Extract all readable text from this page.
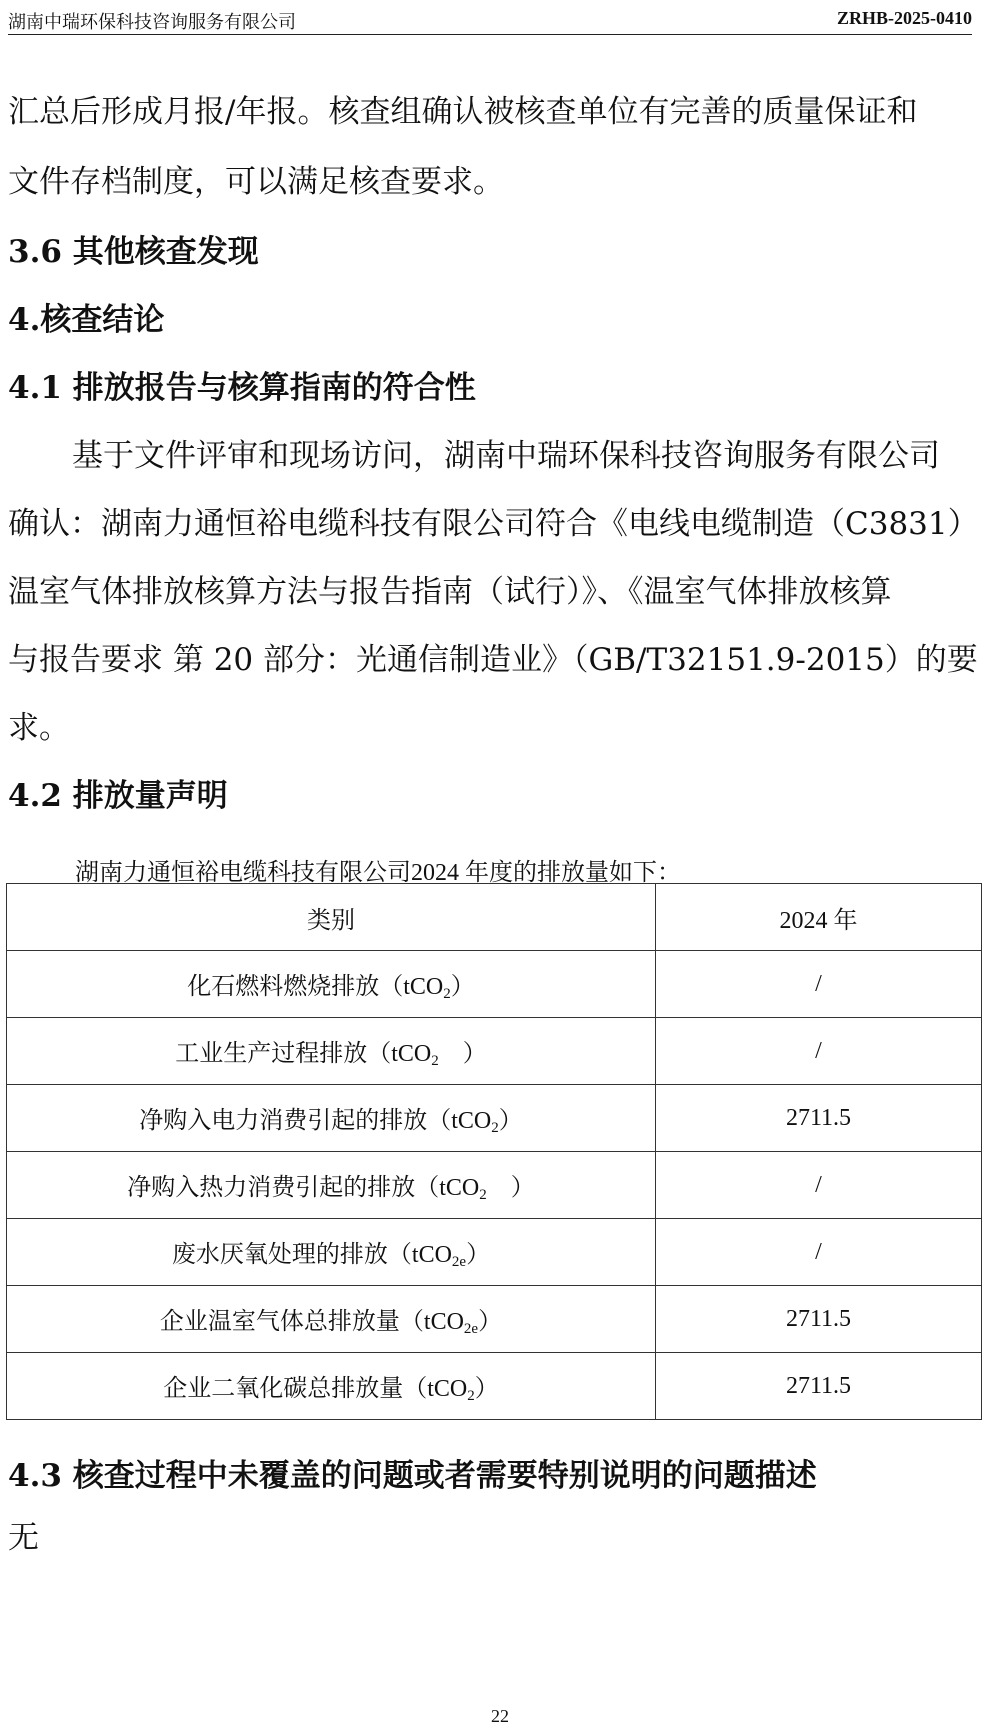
湖南中瑞环保科技咨询服务有限公司	ZRHB-2025-0410
汇总后形成月报/年报。核查组确认被核查单位有完善的质量保证和
文件存档制度，可以满足核查要求。
3.6 其他核查发现
4.核查结论
4.1 排放报告与核算指南的符合性
基于文件评审和现场访问，湖南中瑞环保科技咨询服务有限公司
确认：湖南力通恒裕电缆科技有限公司符合《电线电缆制造（C3831）
温室气体排放核算方法与报告指南（试行）》、《温室气体排放核算
与报告要求 第 20 部分：光通信制造业》（GB/T32151.9-2015）的要
求。
4.2 排放量声明
湖南力通恒裕电缆科技有限公司2024 年度的排放量如下：
类别	2024 年
化石燃料燃烧排放（tCO$_2$）	/
工业生产过程排放（tCO$_2$　）	/
净购入电力消费引起的排放（tCO$_2$）	2711.5
净购入热力消费引起的排放（tCO$_2$　）	/
废水厌氧处理的排放（tCO$_{2e}$）	/
企业温室气体总排放量（tCO$_{2e}$）	2711.5
企业二氧化碳总排放量（tCO$_2$）	2711.5
4.3 核查过程中未覆盖的问题或者需要特别说明的问题描述
无
22
